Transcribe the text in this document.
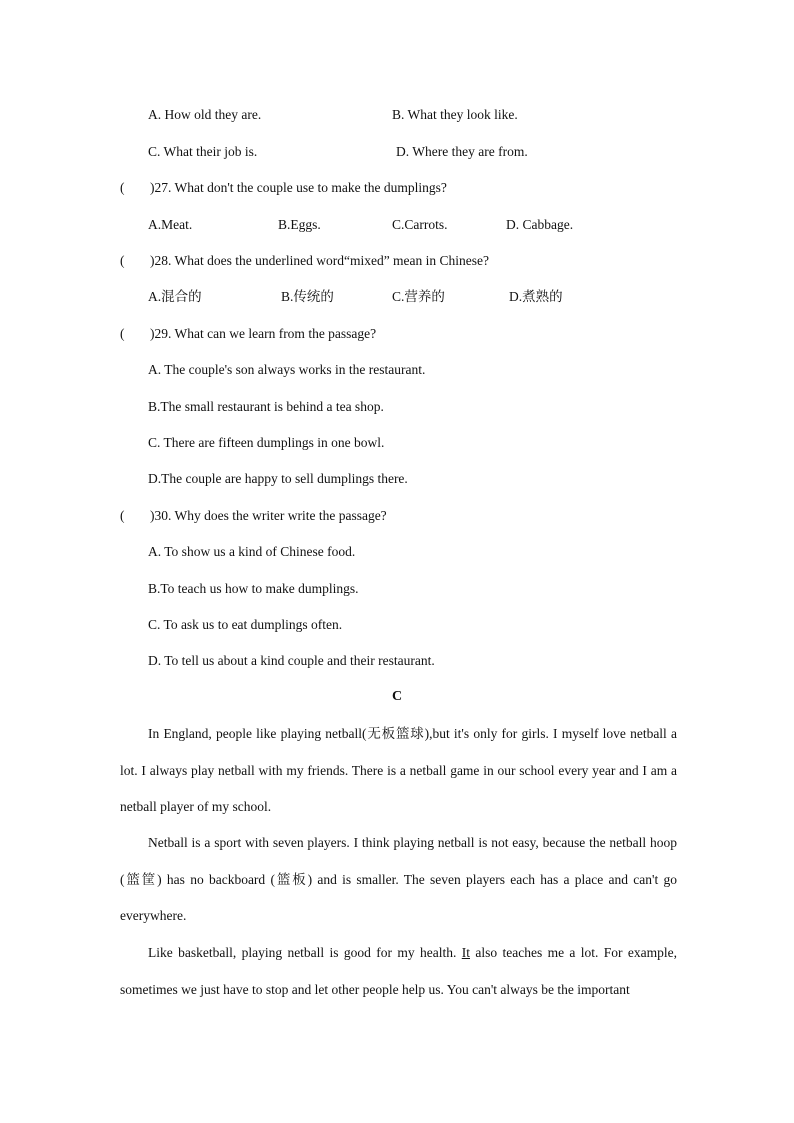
A. How old they are.	B. What they look like.
C. What their job is.	D. Where they are from.
( )27. What don't the couple use to make the dumplings?
A.Meat.	B.Eggs.	C.Carrots.	D. Cabbage.
( )28. What does the underlined word“mixed” mean in Chinese?
A.混合的	B.传统的	C.营养的	D.煮熟的
( )29. What can we learn from the passage?
A. The couple's son always works in the restaurant.
B.The small restaurant is behind a tea shop.
C. There are fifteen dumplings in one bowl.
D.The couple are happy to sell dumplings there.
( )30. Why does the writer write the passage?
A. To show us a kind of Chinese food.
B.To teach us how to make dumplings.
C. To ask us to eat dumplings often.
D. To tell us about a kind couple and their restaurant.
C
In England, people like playing netball(无板篮球),but it's only for girls. I myself love netball a lot. I always play netball with my friends. There is a netball game in our school every year and I am a netball player of my school.
Netball is a sport with seven players. I think playing netball is not easy, because the netball hoop (篮筐) has no backboard (篮板) and is smaller. The seven players each has a place and can't go everywhere.
Like basketball, playing netball is good for my health. It also teaches me a lot. For example, sometimes we just have to stop and let other people help us. You can't always be the important
